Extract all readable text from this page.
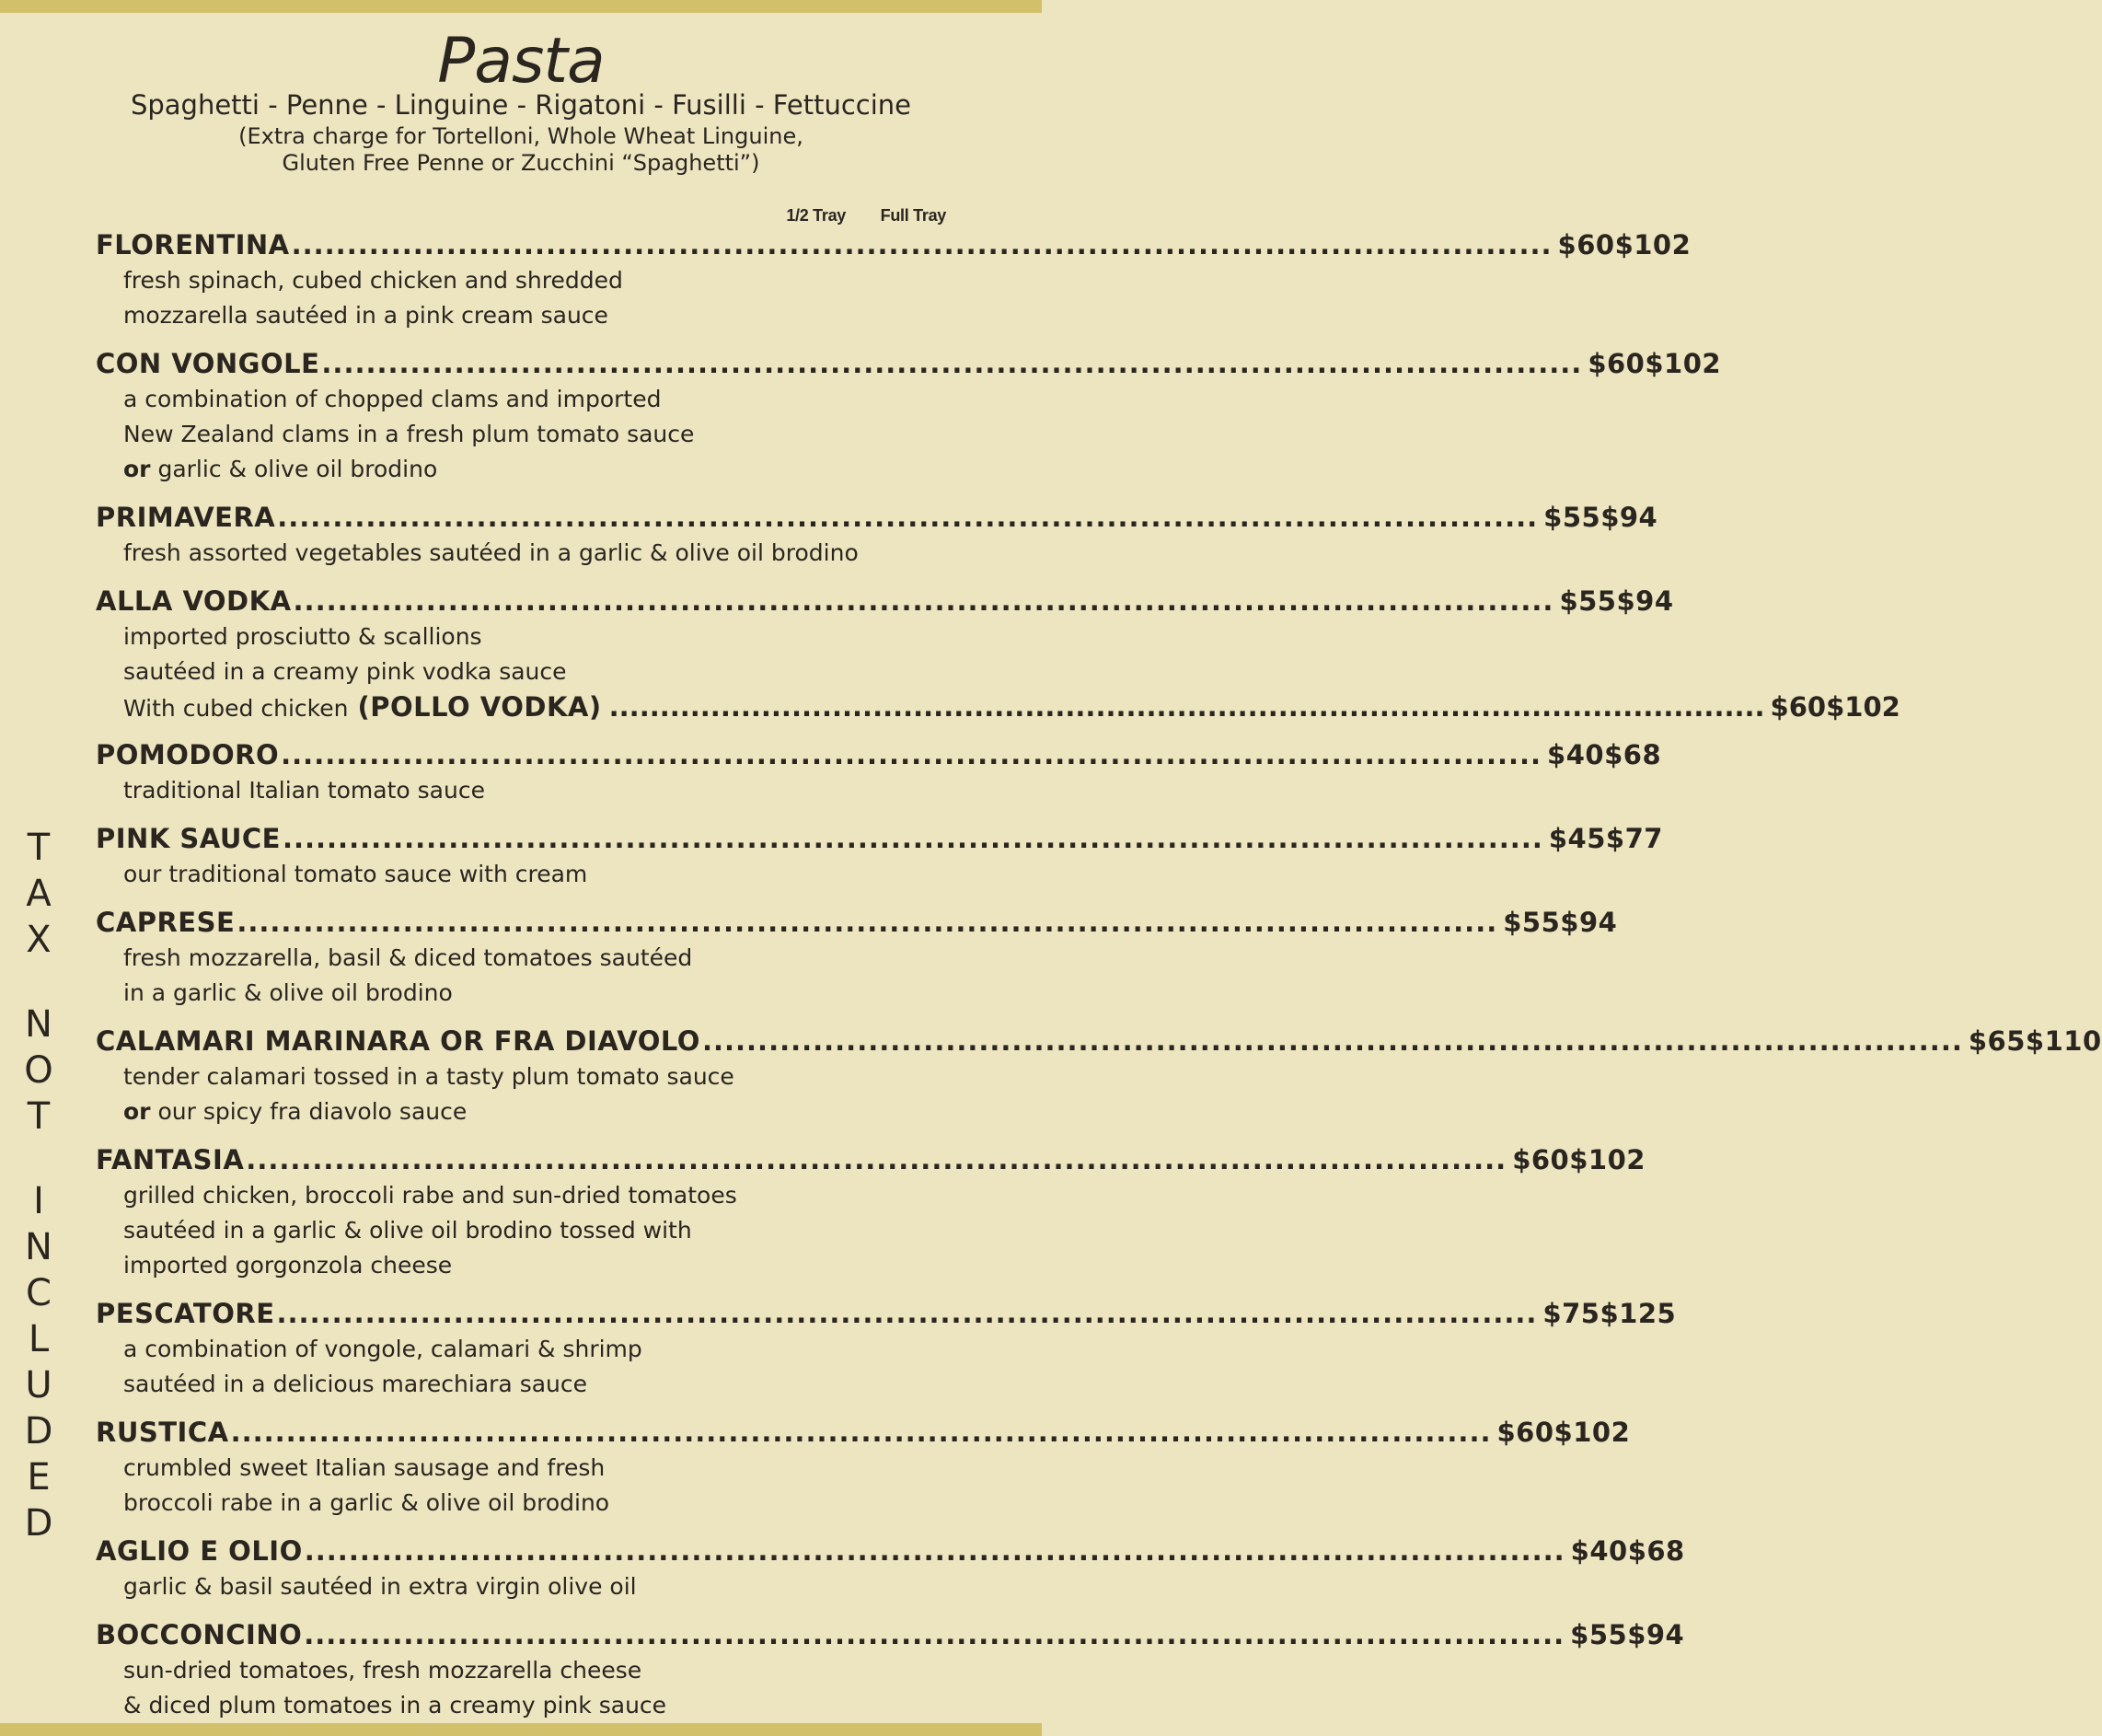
Pasta
Spaghetti - Penne - Linguine - Rigatoni - Fusilli - Fettuccine
(Extra charge for Tortelloni, Whole Wheat Linguine,
Gluten Free Penne or Zucchini “Spaghetti”)
1/2 Tray	Full Tray
T
A
X
N
O
T
I
N
C
L
U
D
E
D
FLORENTINA .................................................................................................................. $60 $102
fresh spinach, cubed chicken and shredded
mozzarella sautéed in a pink cream sauce
CON VONGOLE .................................................................................................................. $60 $102
a combination of chopped clams and imported
New Zealand clams in a fresh plum tomato sauce
or garlic & olive oil brodino
PRIMAVERA .................................................................................................................. $55 $94
fresh assorted vegetables sautéed in a garlic & olive oil brodino
ALLA VODKA .................................................................................................................. $55 $94
imported prosciutto & scallions
sautéed in a creamy pink vodka sauce
With cubed chicken (POLLO VODKA) .................................................................................................................. $60 $102
POMODORO .................................................................................................................. $40 $68
traditional Italian tomato sauce
PINK SAUCE .................................................................................................................. $45 $77
our traditional tomato sauce with cream
CAPRESE .................................................................................................................. $55 $94
fresh mozzarella, basil & diced tomatoes sautéed
in a garlic & olive oil brodino
CALAMARI MARINARA OR FRA DIAVOLO .................................................................................................................. $65 $110
tender calamari tossed in a tasty plum tomato sauce
or our spicy fra diavolo sauce
FANTASIA .................................................................................................................. $60 $102
grilled chicken, broccoli rabe and sun-dried tomatoes
sautéed in a garlic & olive oil brodino tossed with
imported gorgonzola cheese
PESCATORE .................................................................................................................. $75 $125
a combination of vongole, calamari & shrimp
sautéed in a delicious marechiara sauce
RUSTICA .................................................................................................................. $60 $102
crumbled sweet Italian sausage and fresh
broccoli rabe in a garlic & olive oil brodino
AGLIO E OLIO .................................................................................................................. $40 $68
garlic & basil sautéed in extra virgin olive oil
BOCCONCINO .................................................................................................................. $55 $94
sun-dried tomatoes, fresh mozzarella cheese
& diced plum tomatoes in a creamy pink sauce
